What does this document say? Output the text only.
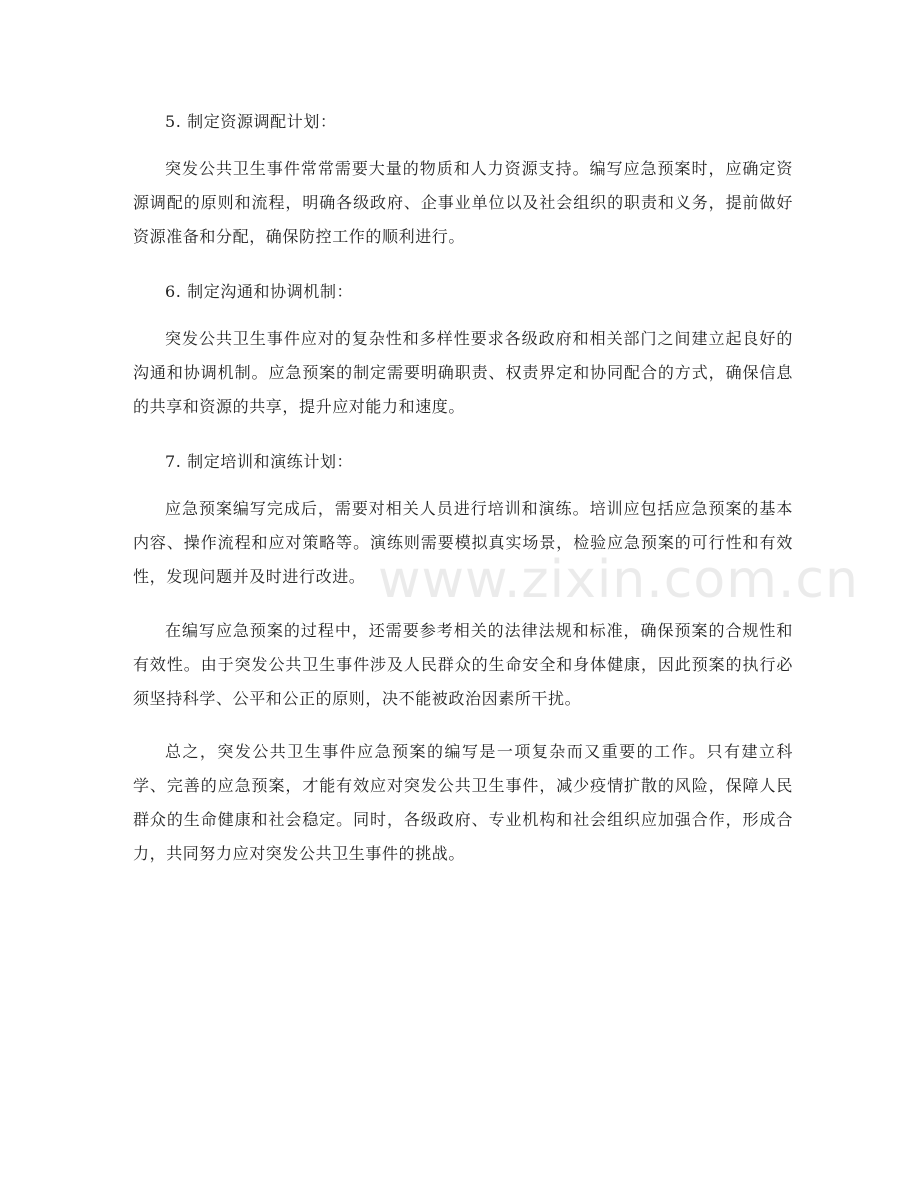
www.zixin.com.cn

5. 制定资源调配计划：

突发公共卫生事件常常需要大量的物质和人力资源支持。编写应急预案时，应确定资源调配的原则和流程，明确各级政府、企事业单位以及社会组织的职责和义务，提前做好资源准备和分配，确保防控工作的顺利进行。

6. 制定沟通和协调机制：

突发公共卫生事件应对的复杂性和多样性要求各级政府和相关部门之间建立起良好的沟通和协调机制。应急预案的制定需要明确职责、权责界定和协同配合的方式，确保信息的共享和资源的共享，提升应对能力和速度。

7. 制定培训和演练计划：

应急预案编写完成后，需要对相关人员进行培训和演练。培训应包括应急预案的基本内容、操作流程和应对策略等。演练则需要模拟真实场景，检验应急预案的可行性和有效性，发现问题并及时进行改进。

在编写应急预案的过程中，还需要参考相关的法律法规和标准，确保预案的合规性和有效性。由于突发公共卫生事件涉及人民群众的生命安全和身体健康，因此预案的执行必须坚持科学、公平和公正的原则，决不能被政治因素所干扰。

总之，突发公共卫生事件应急预案的编写是一项复杂而又重要的工作。只有建立科学、完善的应急预案，才能有效应对突发公共卫生事件，减少疫情扩散的风险，保障人民群众的生命健康和社会稳定。同时，各级政府、专业机构和社会组织应加强合作，形成合力，共同努力应对突发公共卫生事件的挑战。
